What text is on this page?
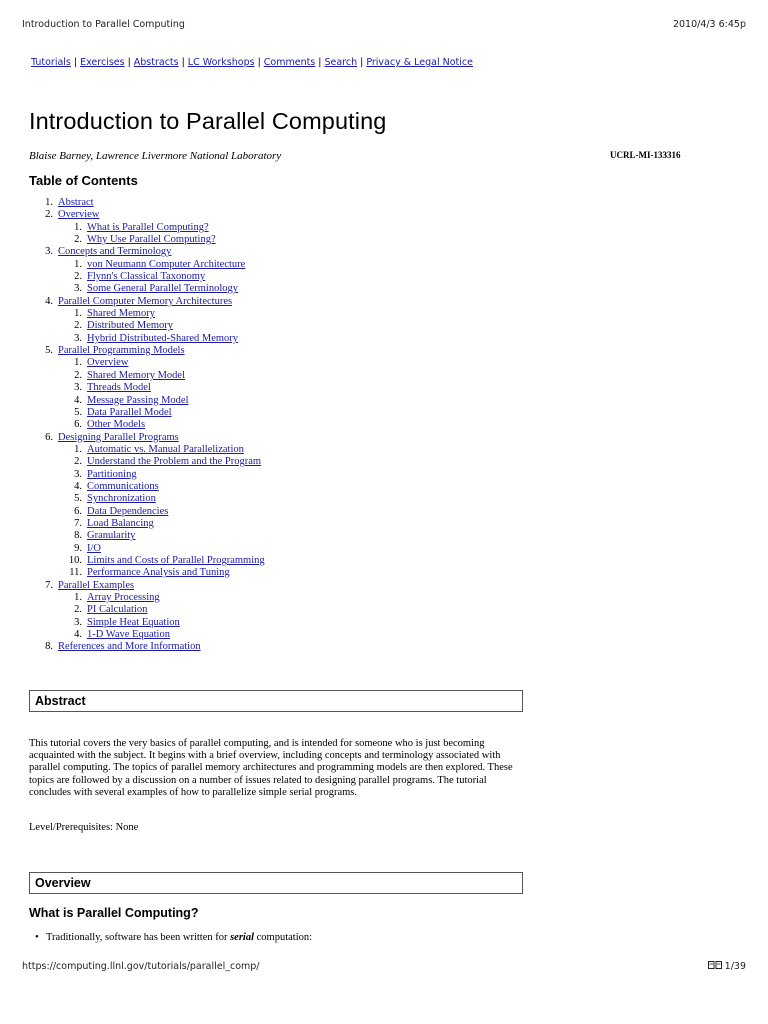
Introduction to Parallel Computing	2010/4/3 6:45p
Tutorials | Exercises | Abstracts | LC Workshops | Comments | Search | Privacy & Legal Notice
Introduction to Parallel Computing
Blaise Barney, Lawrence Livermore National Laboratory	UCRL-MI-133316
Table of Contents
1. Abstract
2. Overview
1. What is Parallel Computing?
2. Why Use Parallel Computing?
3. Concepts and Terminology
1. von Neumann Computer Architecture
2. Flynn's Classical Taxonomy
3. Some General Parallel Terminology
4. Parallel Computer Memory Architectures
1. Shared Memory
2. Distributed Memory
3. Hybrid Distributed-Shared Memory
5. Parallel Programming Models
1. Overview
2. Shared Memory Model
3. Threads Model
4. Message Passing Model
5. Data Parallel Model
6. Other Models
6. Designing Parallel Programs
1. Automatic vs. Manual Parallelization
2. Understand the Problem and the Program
3. Partitioning
4. Communications
5. Synchronization
6. Data Dependencies
7. Load Balancing
8. Granularity
9. I/O
10. Limits and Costs of Parallel Programming
11. Performance Analysis and Tuning
7. Parallel Examples
1. Array Processing
2. PI Calculation
3. Simple Heat Equation
4. 1-D Wave Equation
8. References and More Information
Abstract

This tutorial covers the very basics of parallel computing, and is intended for someone who is just becoming acquainted with the subject. It begins with a brief overview, including concepts and terminology associated with parallel computing. The topics of parallel memory architectures and programming models are then explored. These topics are followed by a discussion on a number of issues related to designing parallel programs. The tutorial concludes with several examples of how to parallelize simple serial programs.

Level/Prerequisites: None

Overview
What is Parallel Computing?
• Traditionally, software has been written for serial computation:
https://computing.llnl.gov/tutorials/parallel_comp/	1/39
